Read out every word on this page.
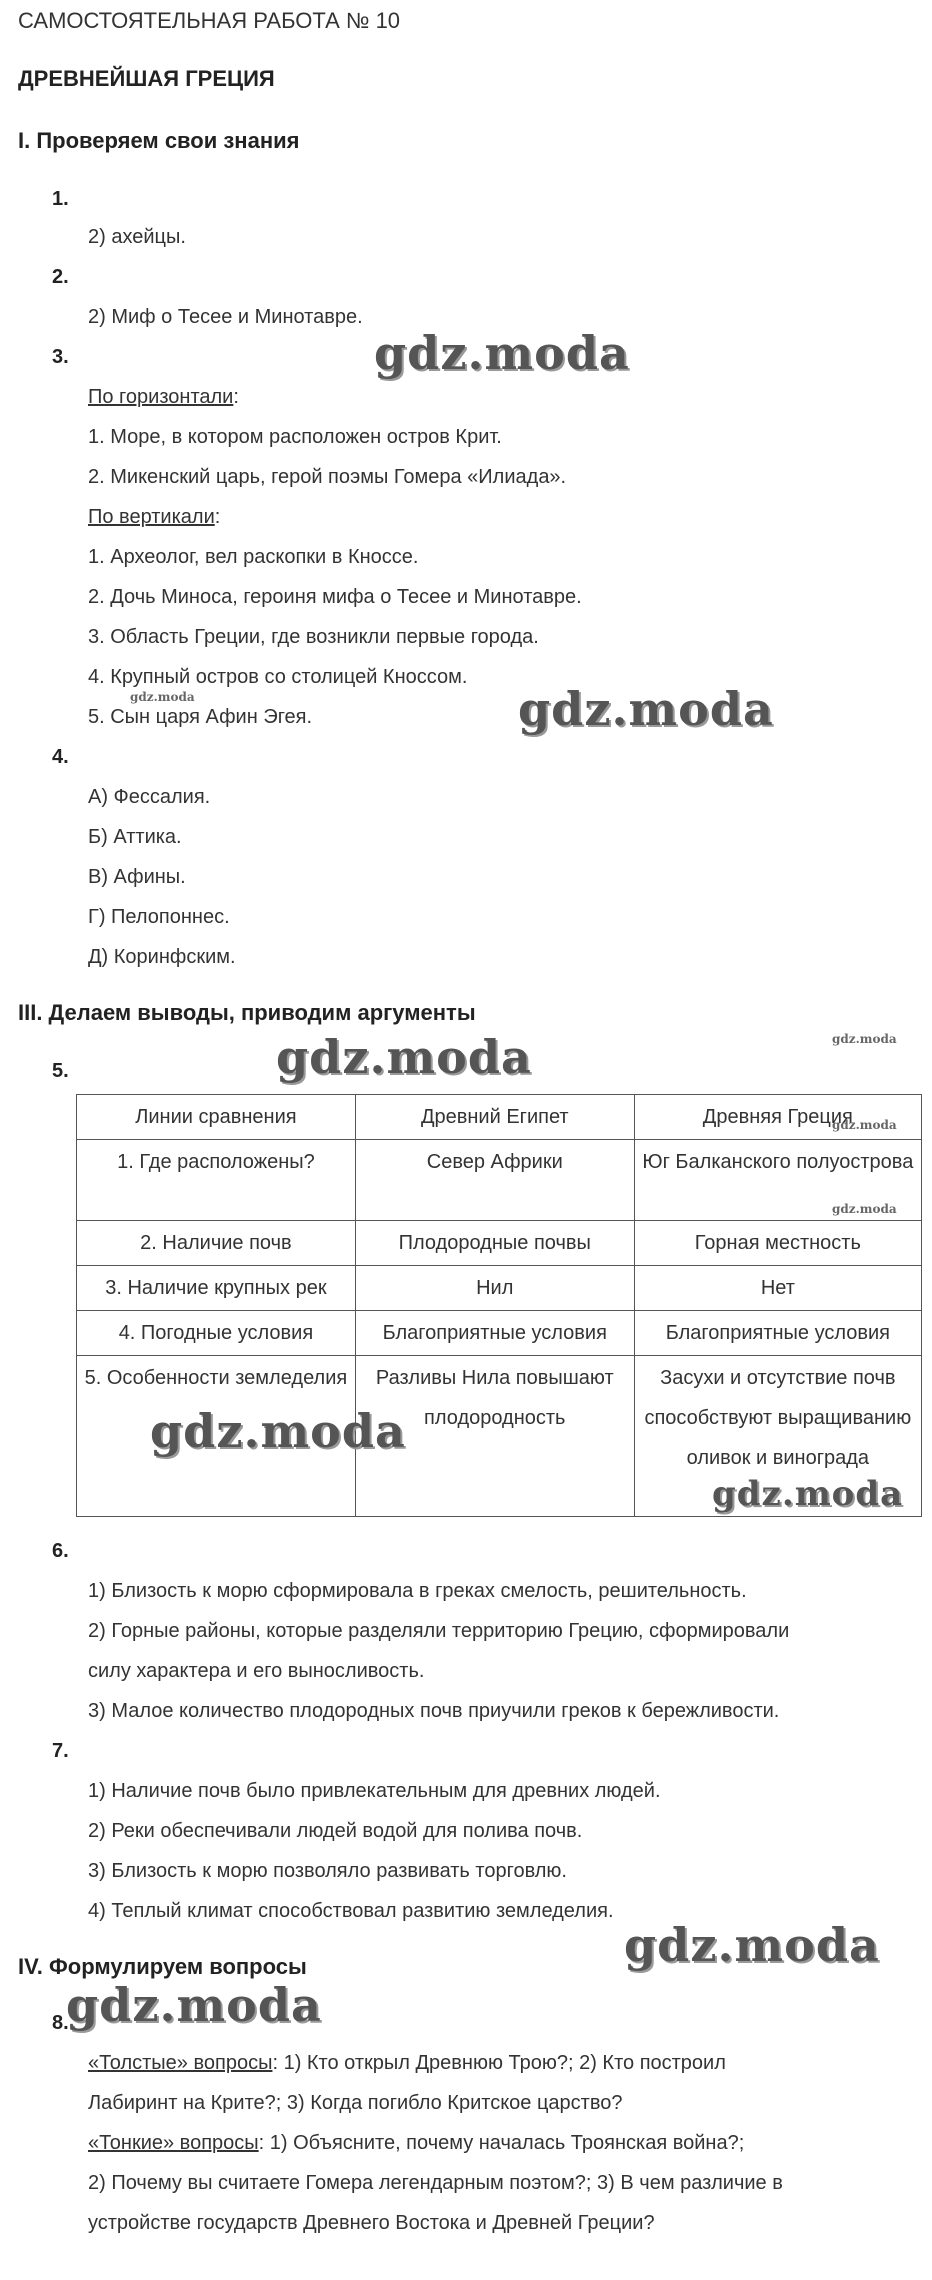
САМОСТОЯТЕЛЬНАЯ РАБОТА № 10
ДРЕВНЕЙШАЯ ГРЕЦИЯ
I. Проверяем свои знания
1.
2) ахейцы.
2.
2) Миф о Тесее и Минотавре.
3.
По горизонтали:
1. Море, в котором расположен остров Крит.
2. Микенский царь, герой поэмы Гомера «Илиада».
По вертикали:
1. Археолог, вел раскопки в Кноссе.
2. Дочь Миноса, героиня мифа о Тесее и Минотавре.
3. Область Греции, где возникли первые города.
4. Крупный остров со столицей Кноссом.
5. Сын царя Афин Эгея.
4.
А) Фессалия.
Б) Аттика.
В) Афины.
Г) Пелопоннес.
Д) Коринфским.
III. Делаем выводы, приводим аргументы
5.
Линии сравнения	Древний Египет	Древняя Греция
1. Где расположены?	Север Африки	Юг Балканского полуострова
2. Наличие почв	Плодородные почвы	Горная местность
3. Наличие крупных рек	Нил	Нет
4. Погодные условия	Благоприятные условия	Благоприятные условия
5. Особенности земледелия	Разливы Нила повышают плодородность	Засухи и отсутствие почв способствуют выращиванию оливок и винограда
6.
1) Близость к морю сформировала в греках смелость, решительность.
2) Горные районы, которые разделяли территорию Грецию, сформировали
силу характера и его выносливость.
3) Малое количество плодородных почв приучили греков к бережливости.
7.
1) Наличие почв было привлекательным для древних людей.
2) Реки обеспечивали людей водой для полива почв.
3) Близость к морю позволяло развивать торговлю.
4) Теплый климат способствовал развитию земледелия.
IV. Формулируем вопросы
8.
«Толстые» вопросы: 1) Кто открыл Древнюю Трою?; 2) Кто построил
Лабиринт на Крите?; 3) Когда погибло Критское царство?
«Тонкие» вопросы: 1) Объясните, почему началась Троянская война?;
2) Почему вы считаете Гомера легендарным поэтом?; 3) В чем различие в
устройстве государств Древнего Востока и Древней Греции?
gdz.moda
gdz.moda
gdz.moda
gdz.moda	gdz.moda
gdz.moda
gdz.moda
gdz.moda
gdz.moda
gdz.moda
gdz.moda
